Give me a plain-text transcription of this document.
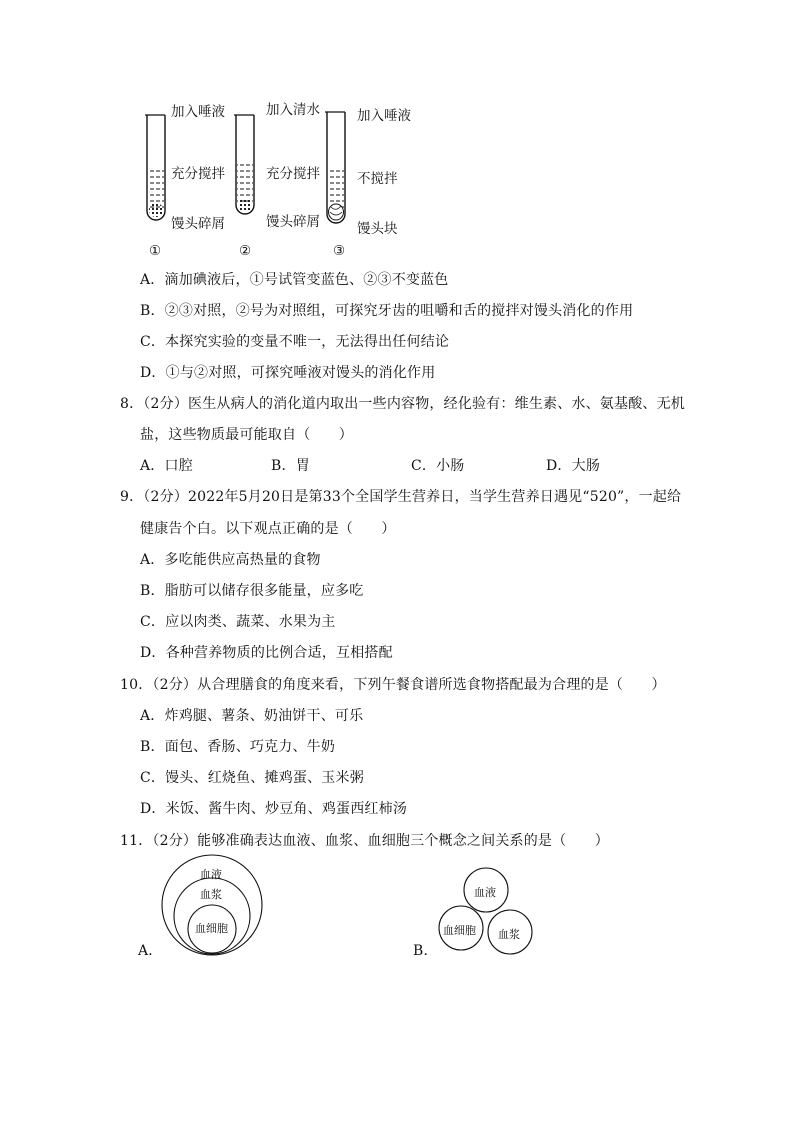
加入唾液
充分搅拌
馒头碎屑
①
加入清水
充分搅拌
馒头碎屑
②
加入唾液
不搅拌
馒头块
③
A．滴加碘液后，①号试管变蓝色、②③不变蓝色
B．②③对照，②号为对照组，可探究牙齿的咀嚼和舌的搅拌对馒头消化的作用
C．本探究实验的变量不唯一，无法得出任何结论
D．①与②对照，可探究唾液对馒头的消化作用
8．（2分）医生从病人的消化道内取出一些内容物，经化验有：维生素、水、氨基酸、无机
盐，这些物质最可能取自（　　）
A．口腔	B．胃	C．小肠	D．大肠
9．（2分）2022年5月20日是第33个全国学生营养日，当学生营养日遇见“520”，一起给
健康告个白。以下观点正确的是（　　）
A．多吃能供应高热量的食物
B．脂肪可以储存很多能量，应多吃
C．应以肉类、蔬菜、水果为主
D．各种营养物质的比例合适，互相搭配
10．（2分）从合理膳食的角度来看，下列午餐食谱所选食物搭配最为合理的是（　　）
A．炸鸡腿、薯条、奶油饼干、可乐
B．面包、香肠、巧克力、牛奶
C．馒头、红烧鱼、摊鸡蛋、玉米粥
D．米饭、酱牛肉、炒豆角、鸡蛋西红柿汤
11．（2分）能够准确表达血液、血浆、血细胞三个概念之间关系的是（　　）
血液
血浆
血细胞
A．
血液
血细胞 血浆
B．
